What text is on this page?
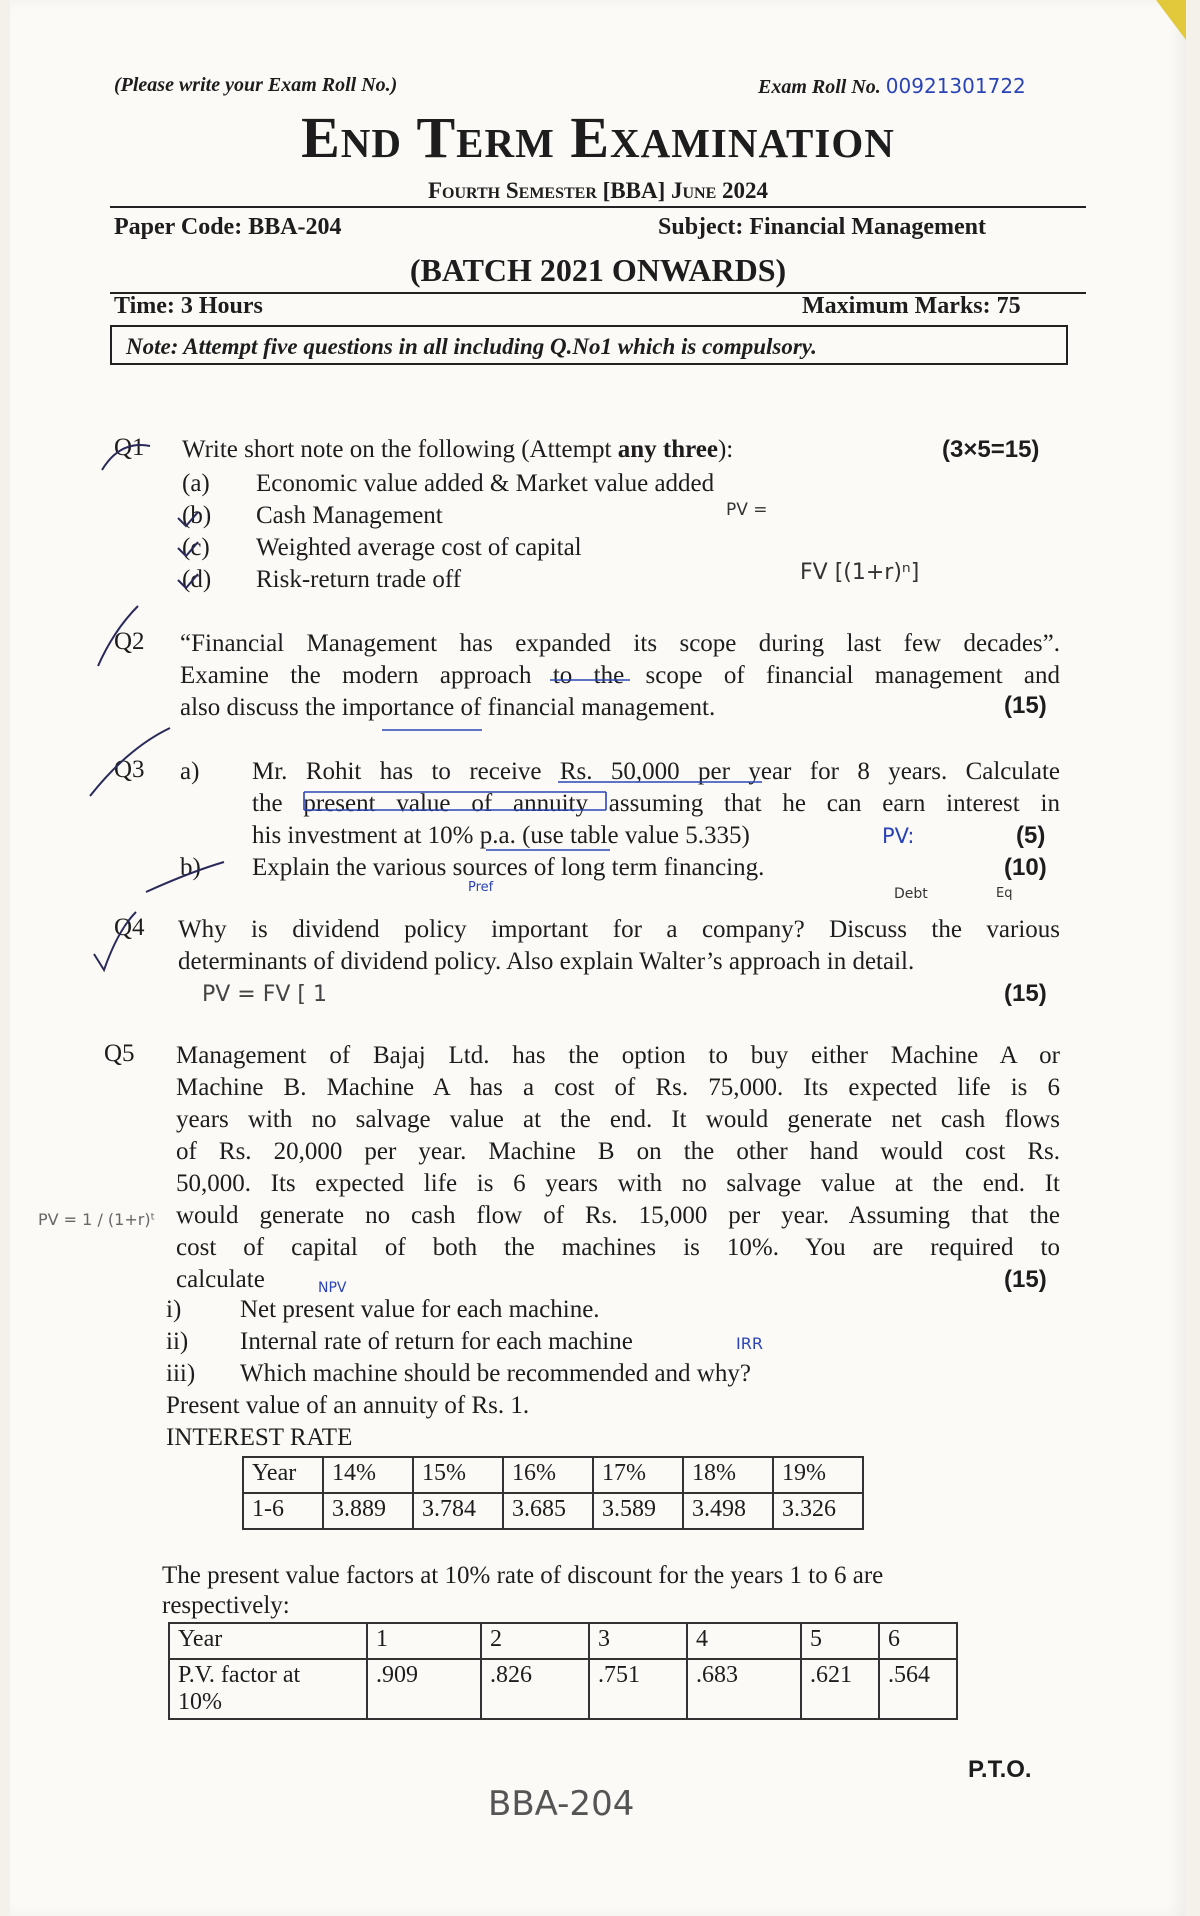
(Please write your Exam Roll No.)	Exam Roll No. 00921301722
End Term Examination
Fourth Semester [BBA] June 2024
Paper Code: BBA-204	Subject: Financial Management
(BATCH 2021 ONWARDS)
Time: 3 Hours	Maximum Marks: 75
Note: Attempt five questions in all including Q.No1 which is compulsory.
Q1 Write short note on the following (Attempt any three):	(3×5=15)
(a) Economic value added & Market value added
(b) Cash Management
(c) Weighted average cost of capital
(d) Risk-return trade off
Q2 “Financial Management has expanded its scope during last few decades”.

Examine the modern approach to the scope of financial management and

also discuss the importance of financial management.	(15)
Q3 a) Mr. Rohit has to receive Rs. 50,000 per year for 8 years. Calculate

the present value of annuity assuming that he can earn interest in

his investment at 10% p.a. (use table value 5.335)	(5)
b) Explain the various sources of long term financing.	(10)
Q4 Why is dividend policy important for a company? Discuss the various

determinants of dividend policy. Also explain Walter’s approach in detail.

(15)
Q5 Management of Bajaj Ltd. has the option to buy either Machine A or

Machine B. Machine A has a cost of Rs. 75,000. Its expected life is 6

years with no salvage value at the end. It would generate net cash flows

of Rs. 20,000 per year. Machine B on the other hand would cost Rs.

50,000. Its expected life is 6 years with no salvage value at the end. It

would generate no cash flow of Rs. 15,000 per year. Assuming that the

cost of capital of both the machines is 10%. You are required to

calculate	(15)
i) Net present value for each machine.
ii) Internal rate of return for each machine
iii) Which machine should be recommended and why?
Present value of an annuity of Rs. 1.
INTEREST RATE
Year	14%	15%	16%	17%	18%	19%
1-6	3.889	3.784	3.685	3.589	3.498	3.326
The present value factors at 10% rate of discount for the years 1 to 6 are
respectively:
Year	1	2	3	4	5	6
P.V. factor at
10%	.909	.826	.751	.683	.621	.564
P.T.O.
PV =
FV [(1+r)ⁿ]
PV:
Pref	Debt	Eq
PV = FV [ 1
NPV
IRR
PV = 1 / (1+r)ᵗ
BBA-204
